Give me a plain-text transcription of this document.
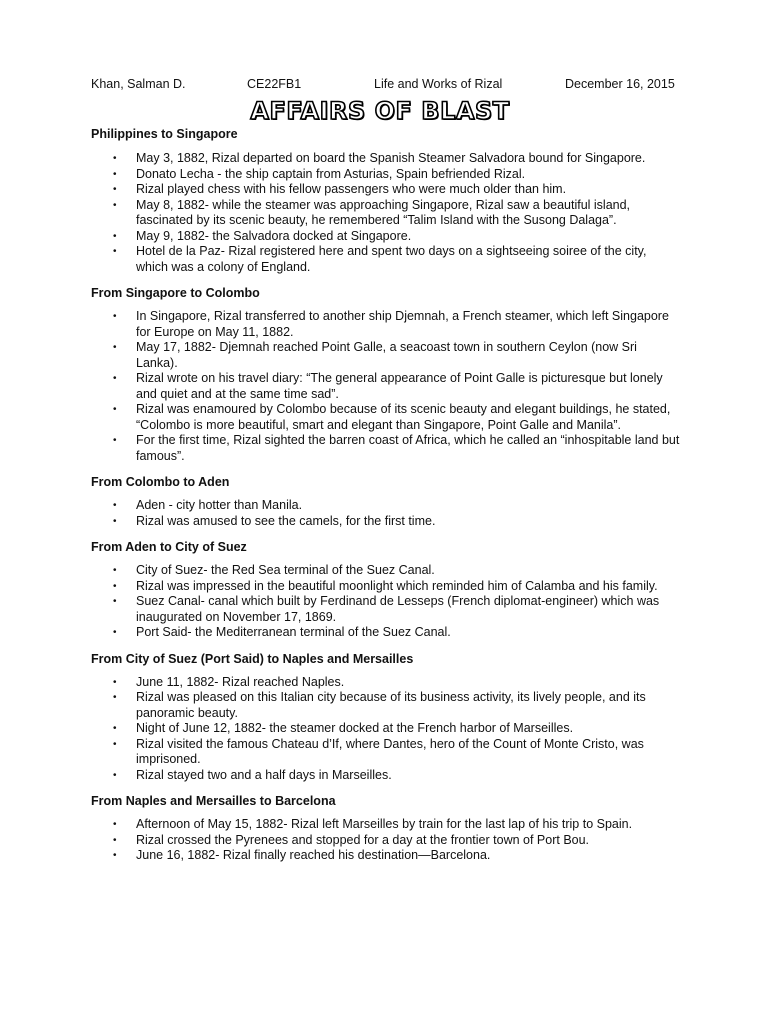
Khan, Salman D.	CE22FB1	Life and Works of Rizal	December 16, 2015
AFFAIRS OF BLAST
Philippines to Singapore
• May 3, 1882, Rizal departed on board the Spanish Steamer Salvadora bound for Singapore.
• Donato Lecha - the ship captain from Asturias, Spain befriended Rizal.
• Rizal played chess with his fellow passengers who were much older than him.
• May 8, 1882- while the steamer was approaching Singapore, Rizal saw a beautiful island, fascinated by its scenic beauty, he remembered “Talim Island with the Susong Dalaga”.
• May 9, 1882- the Salvadora docked at Singapore.
• Hotel de la Paz- Rizal registered here and spent two days on a sightseeing soiree of the city, which was a colony of England.
From Singapore to Colombo
• In Singapore, Rizal transferred to another ship Djemnah, a French steamer, which left Singapore for Europe on May 11, 1882.
• May 17, 1882- Djemnah reached Point Galle, a seacoast town in southern Ceylon (now Sri Lanka).
• Rizal wrote on his travel diary: “The general appearance of Point Galle is picturesque but lonely and quiet and at the same time sad”.
• Rizal was enamoured by Colombo because of its scenic beauty and elegant buildings, he stated, “Colombo is more beautiful, smart and elegant than Singapore, Point Galle and Manila”.
• For the first time, Rizal sighted the barren coast of Africa, which he called an “inhospitable land but famous”.
From Colombo to Aden
• Aden - city hotter than Manila.
• Rizal was amused to see the camels, for the first time.
From Aden to City of Suez
• City of Suez- the Red Sea terminal of the Suez Canal.
• Rizal was impressed in the beautiful moonlight which reminded him of Calamba and his family.
• Suez Canal- canal which built by Ferdinand de Lesseps (French diplomat-engineer) which was inaugurated on November 17, 1869.
• Port Said- the Mediterranean terminal of the Suez Canal.
From City of Suez (Port Said) to Naples and Mersailles
• June 11, 1882- Rizal reached Naples.
• Rizal was pleased on this Italian city because of its business activity, its lively people, and its panoramic beauty.
• Night of June 12, 1882- the steamer docked at the French harbor of Marseilles.
• Rizal visited the famous Chateau d’If, where Dantes, hero of the Count of Monte Cristo, was imprisoned.
• Rizal stayed two and a half days in Marseilles.
From Naples and Mersailles to Barcelona
• Afternoon of May 15, 1882- Rizal left Marseilles by train for the last lap of his trip to Spain.
• Rizal crossed the Pyrenees and stopped for a day at the frontier town of Port Bou.
• June 16, 1882- Rizal finally reached his destination—Barcelona.
